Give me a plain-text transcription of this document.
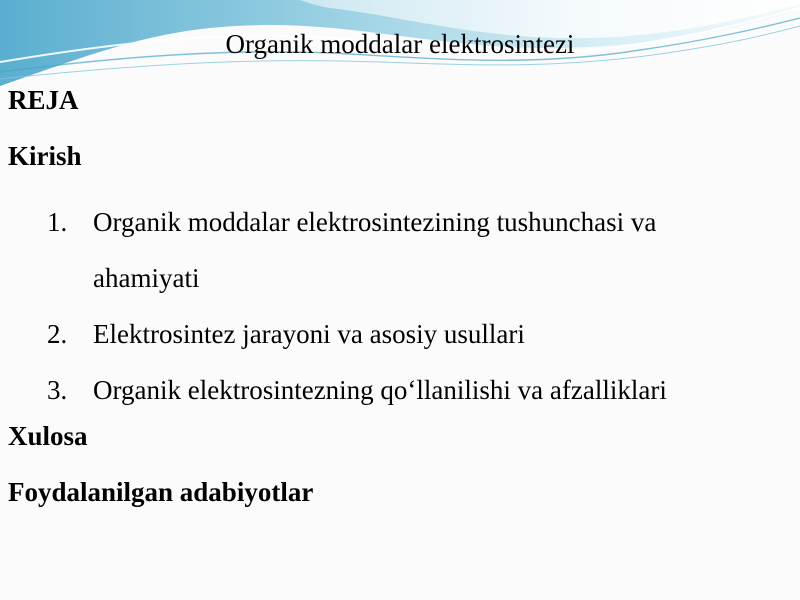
Organik moddalar elektrosintezi
REJA
Kirish
1. Organik moddalar elektrosintezining tushunchasi va ahamiyati
2. Elektrosintez jarayoni va asosiy usullari
3. Organik elektrosintezning qo‘llanilishi va afzalliklari
Xulosa
Foydalanilgan adabiyotlar
